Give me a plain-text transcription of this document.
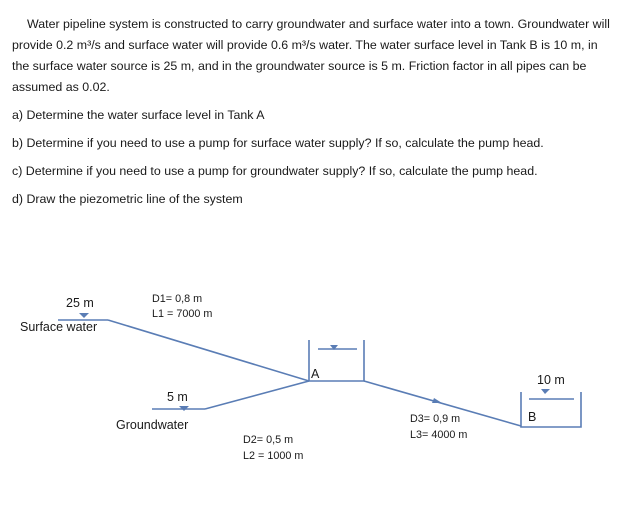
Water pipeline system is constructed to carry groundwater and surface water into a town. Groundwater will provide 0.2 m³/s and surface water will provide 0.6 m³/s water. The water surface level in Tank B is 10 m, in the surface water source is 25 m, and in the groundwater source is 5 m. Friction factor in all pipes can be assumed as 0.02.

a) Determine the water surface level in Tank A

b) Determine if you need to use a pump for surface water supply? If so, calculate the pump head.

c) Determine if you need to use a pump for groundwater supply? If so, calculate the pump head.

d) Draw the piezometric line of the system

25 m
Surface water
5 m
Groundwater
A	10 m
B
D1= 0,8 m
L1 = 7000 m
D2= 0,5 m
L2 = 1000 m
D3= 0,9 m
L3= 4000 m
